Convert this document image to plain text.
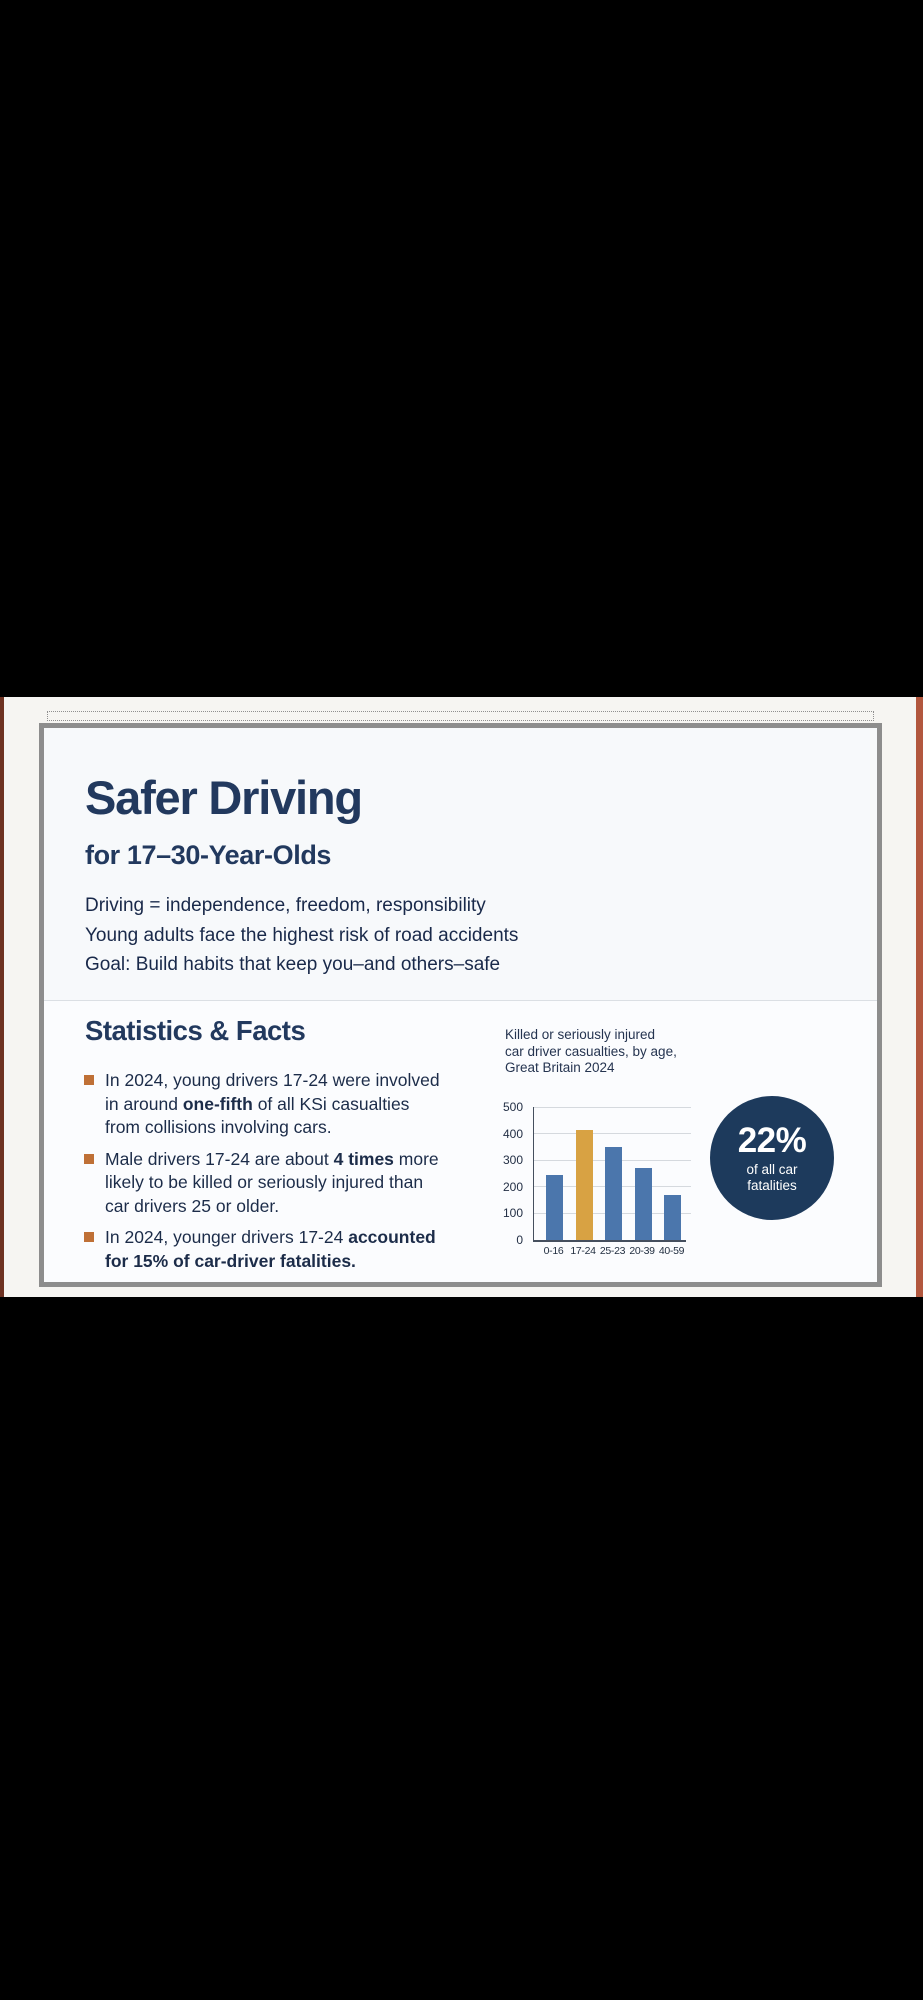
Safer Driving
for 17–30-Year-Olds
Driving = independence, freedom, responsibility
Young adults face the highest risk of road accidents
Goal: Build habits that keep you–and others–safe
Statistics & Facts
In 2024, young drivers 17-24 were involved in around one-fifth of all KSi casualties from collisions involving cars.
Male drivers 17-24 are about 4 times more likely to be killed or seriously injured than car drivers 25 or older.
In 2024, younger drivers 17-24 accounted for 15% of car-driver fatalities.
Killed or seriously injured
car driver casualties, by age,
Great Britain 2024
0
100
200
300
400
500
0-16 17-24 25-23 20-39 40-59
22%
of all car
fatalities
